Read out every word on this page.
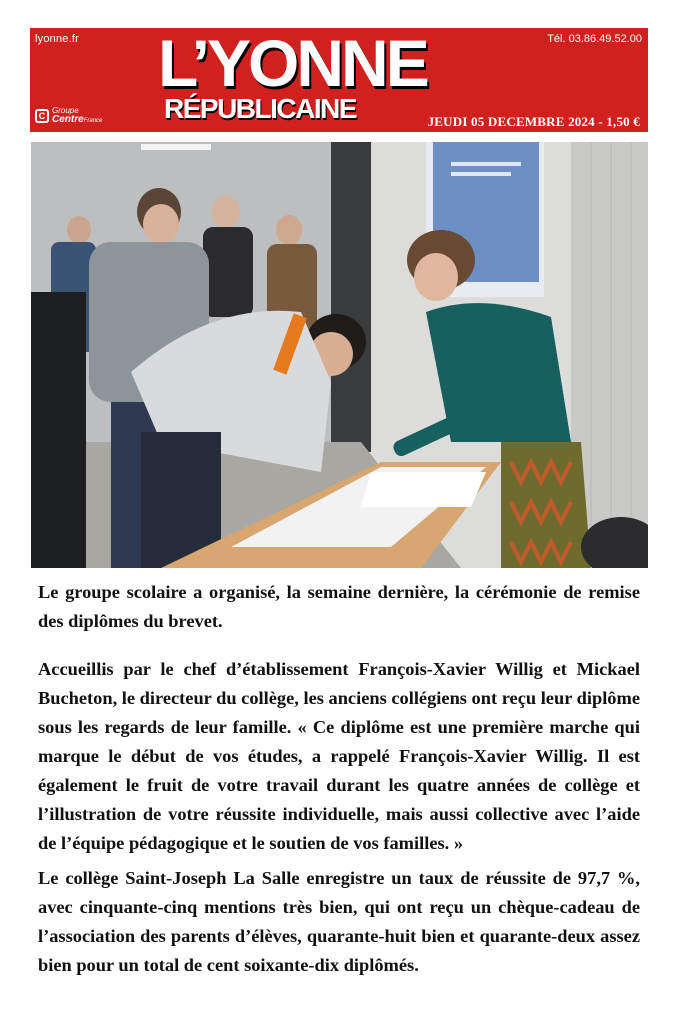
lyonne.fr	Tél. 03.86.49.52.00
L’YONNE
RÉPUBLICAINE
C Groupe
CentreFrance	JEUDI 05 DECEMBRE 2024 - 1,50 €

Le groupe scolaire a organisé, la semaine dernière, la cérémonie de remise des diplômes du brevet.

Accueillis par le chef d’établissement François-Xavier Willig et Mickael Bucheton, le directeur du collège, les anciens collégiens ont reçu leur diplôme sous les regards de leur famille. « Ce diplôme est une première marche qui marque le début de vos études, a rappelé François-Xavier Willig. Il est également le fruit de votre travail durant les quatre années de collège et l’illustration de votre réussite individuelle, mais aussi collective avec l’aide de l’équipe pédagogique et le soutien de vos familles. »

Le collège Saint-Joseph La Salle enregistre un taux de réussite de 97,7 %, avec cinquante-cinq mentions très bien, qui ont reçu un chèque-cadeau de l’association des parents d’élèves, quarante-huit bien et quarante-deux assez bien pour un total de cent soixante-dix diplômés.
